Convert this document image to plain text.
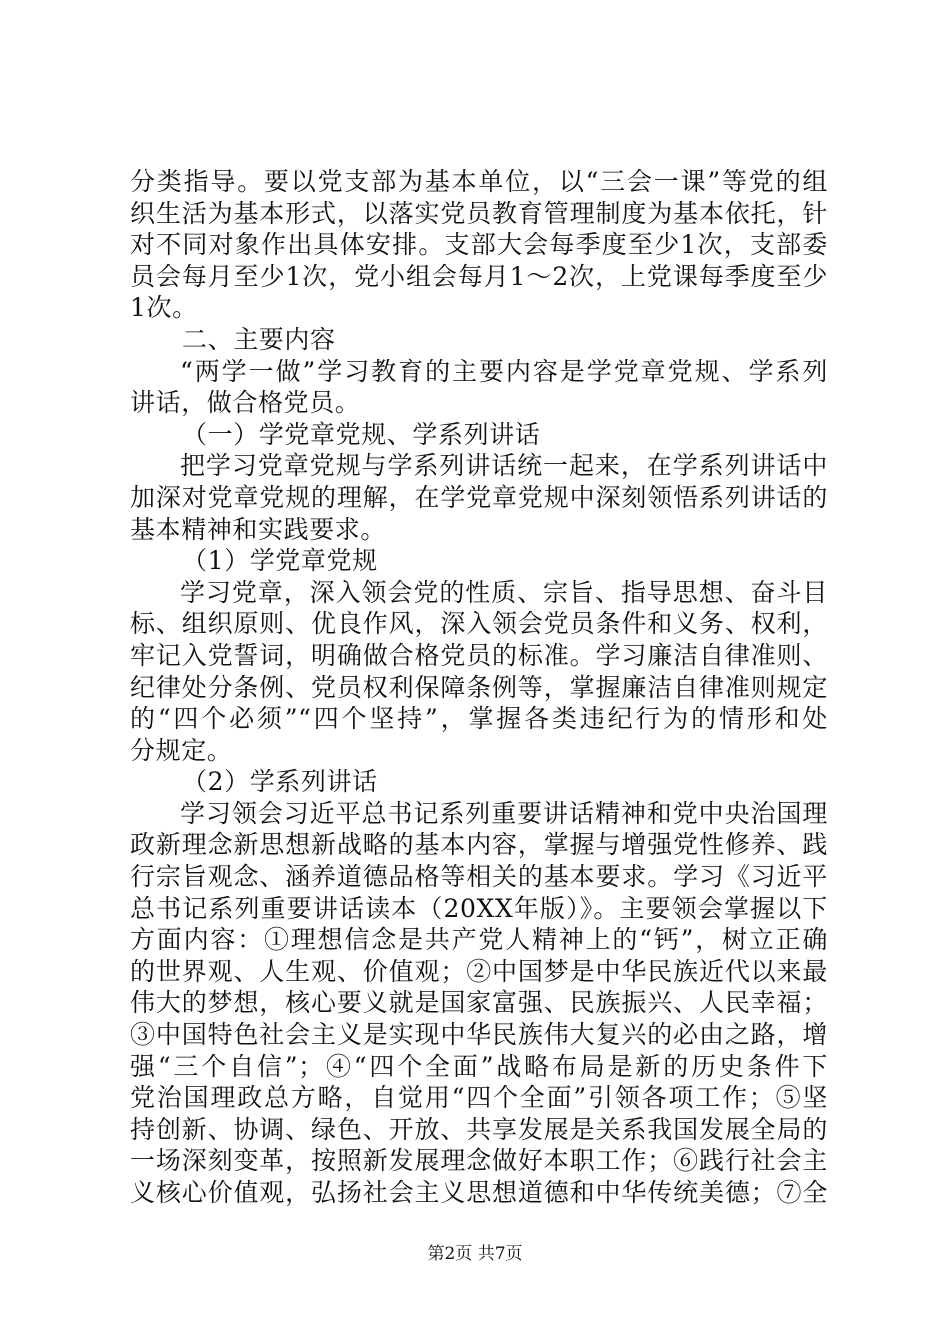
分类指导。要以党支部为基本单位，以“三会一课”等党的组
织生活为基本形式，以落实党员教育管理制度为基本依托，针
对不同对象作出具体安排。支部大会每季度至少1次，支部委
员会每月至少1次，党小组会每月1～2次，上党课每季度至少
1次。
二、主要内容
“两学一做”学习教育的主要内容是学党章党规、学系列
讲话，做合格党员。
（一）学党章党规、学系列讲话
把学习党章党规与学系列讲话统一起来，在学系列讲话中
加深对党章党规的理解，在学党章党规中深刻领悟系列讲话的
基本精神和实践要求。
（1）学党章党规
学习党章，深入领会党的性质、宗旨、指导思想、奋斗目
标、组织原则、优良作风，深入领会党员条件和义务、权利，
牢记入党誓词，明确做合格党员的标准。学习廉洁自律准则、
纪律处分条例、党员权利保障条例等，掌握廉洁自律准则规定
的“四个必须”“四个坚持”，掌握各类违纪行为的情形和处
分规定。
（2）学系列讲话
学习领会习近平总书记系列重要讲话精神和党中央治国理
政新理念新思想新战略的基本内容，掌握与增强党性修养、践
行宗旨观念、涵养道德品格等相关的基本要求。学习《习近平
总书记系列重要讲话读本（20XX年版）》。主要领会掌握以下
方面内容：①理想信念是共产党人精神上的“钙”，树立正确
的世界观、人生观、价值观；②中国梦是中华民族近代以来最
伟大的梦想，核心要义就是国家富强、民族振兴、人民幸福；
③中国特色社会主义是实现中华民族伟大复兴的必由之路，增
强“三个自信”；④“四个全面”战略布局是新的历史条件下
党治国理政总方略，自觉用“四个全面”引领各项工作；⑤坚
持创新、协调、绿色、开放、共享发展是关系我国发展全局的
一场深刻变革，按照新发展理念做好本职工作；⑥践行社会主
义核心价值观，弘扬社会主义思想道德和中华传统美德；⑦全
第2页 共7页
